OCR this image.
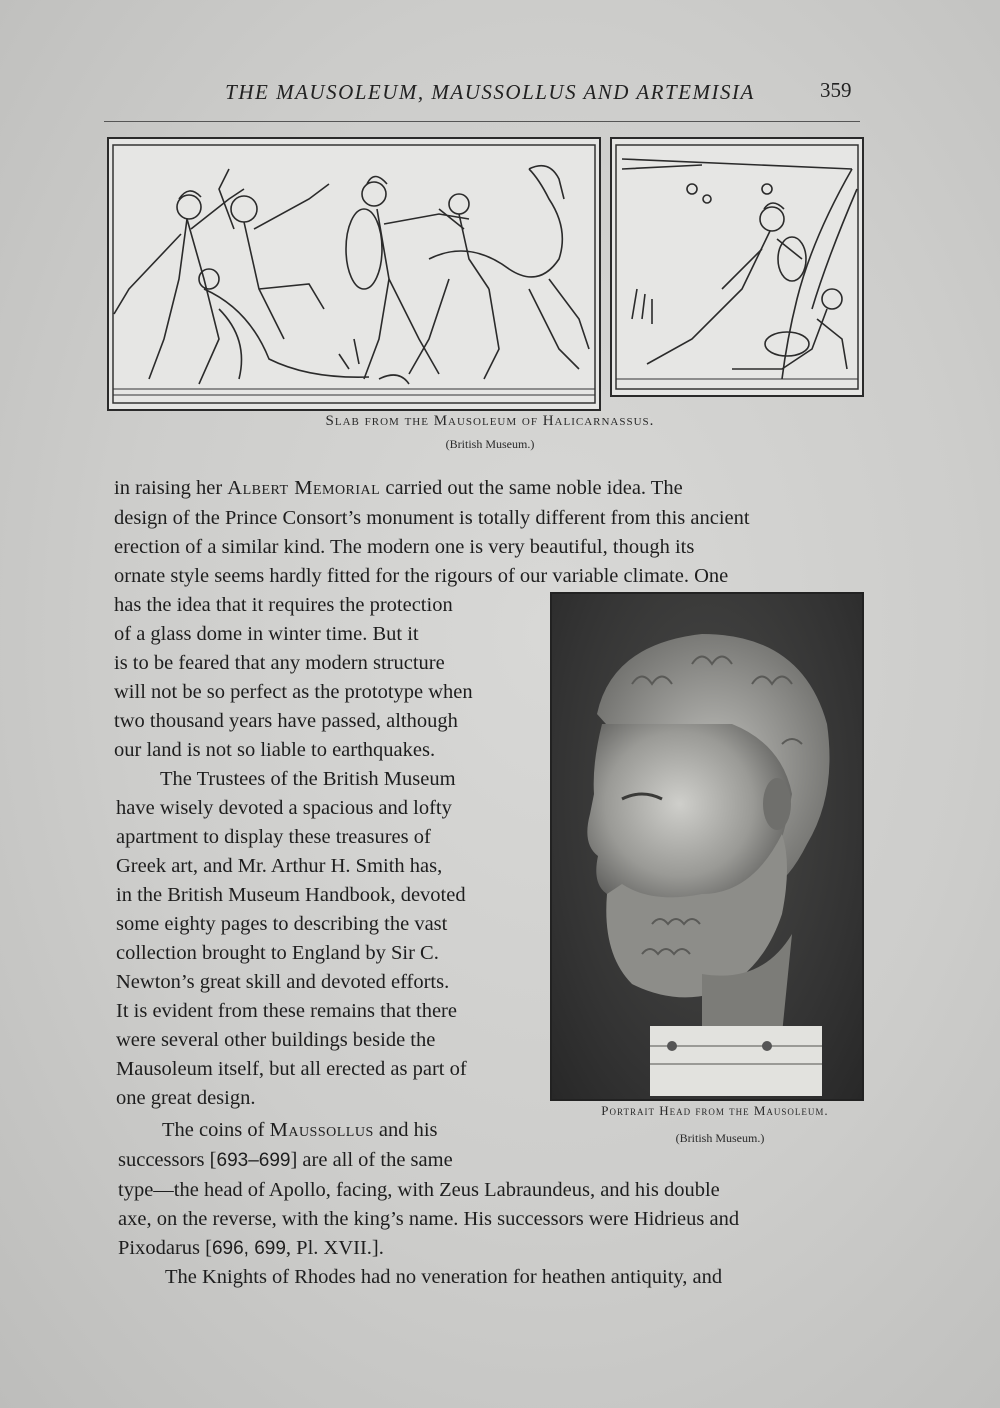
THE MAUSOLEUM, MAUSSOLLUS AND ARTEMISIA	359
Slab from the Mausoleum of Halicarnassus.
(British Museum.)
Portrait Head from the Mausoleum.
(British Museum.)
in raising her Albert Memorial carried out the same noble idea. The
design of the Prince Consort’s monument is totally different from this ancient
erection of a similar kind. The modern one is very beautiful, though its
ornate style seems hardly fitted for the rigours of our variable climate. One
has the idea that it requires the protection
of a glass dome in winter time. But it
is to be feared that any modern structure
will not be so perfect as the prototype when
two thousand years have passed, although
our land is not so liable to earthquakes.
The Trustees of the British Museum
have wisely devoted a spacious and lofty
apartment to display these treasures of
Greek art, and Mr. Arthur H. Smith has,
in the British Museum Handbook, devoted
some eighty pages to describing the vast
collection brought to England by Sir C.
Newton’s great skill and devoted efforts.
It is evident from these remains that there
were several other buildings beside the
Mausoleum itself, but all erected as part of
one great design.
The coins of Maussollus and his
successors [693–699] are all of the same
type—the head of Apollo, facing, with Zeus Labraundeus, and his double
axe, on the reverse, with the king’s name. His successors were Hidrieus and
Pixodarus [696, 699, Pl. XVII.].
The Knights of Rhodes had no veneration for heathen antiquity, and
